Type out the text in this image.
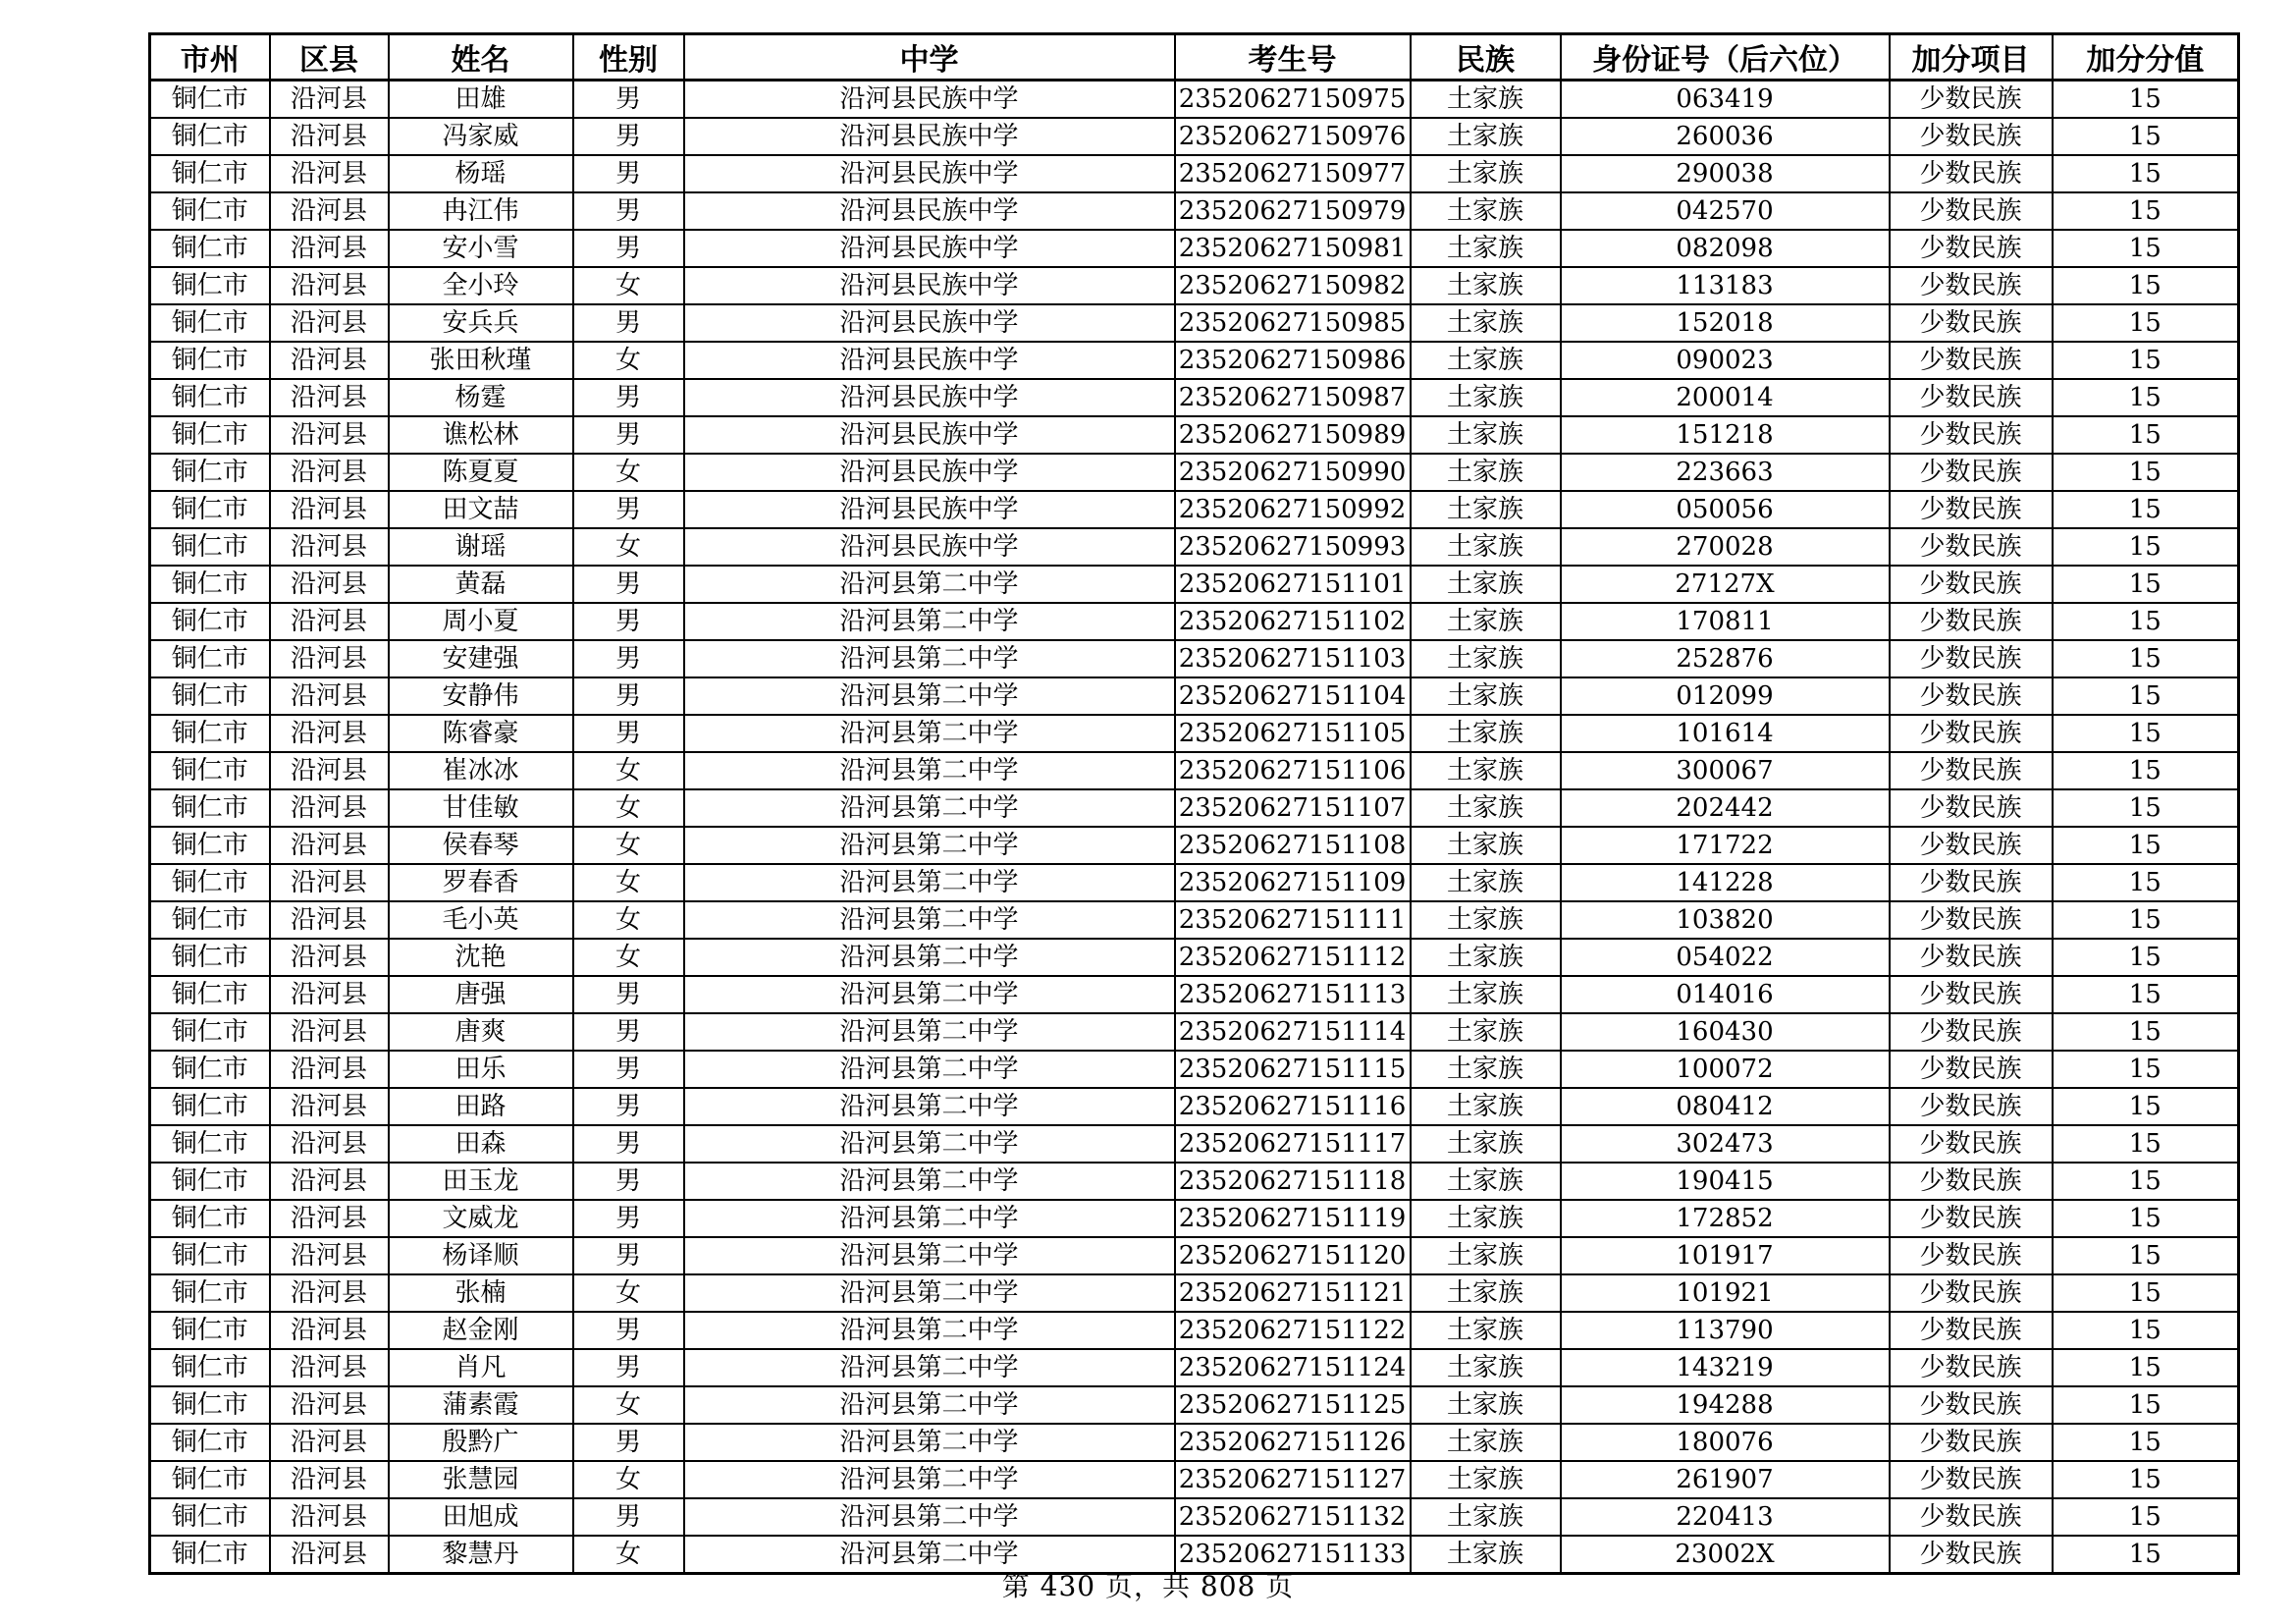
市州	区县	姓名	性别	中学	考生号	民族	身份证号（后六位）	加分项目	加分分值
铜仁市	沿河县	田雄	男	沿河县民族中学	23520627150975	土家族	063419	少数民族	15
铜仁市	沿河县	冯家威	男	沿河县民族中学	23520627150976	土家族	260036	少数民族	15
铜仁市	沿河县	杨瑶	男	沿河县民族中学	23520627150977	土家族	290038	少数民族	15
铜仁市	沿河县	冉江伟	男	沿河县民族中学	23520627150979	土家族	042570	少数民族	15
铜仁市	沿河县	安小雪	男	沿河县民族中学	23520627150981	土家族	082098	少数民族	15
铜仁市	沿河县	全小玲	女	沿河县民族中学	23520627150982	土家族	113183	少数民族	15
铜仁市	沿河县	安兵兵	男	沿河县民族中学	23520627150985	土家族	152018	少数民族	15
铜仁市	沿河县	张田秋瑾	女	沿河县民族中学	23520627150986	土家族	090023	少数民族	15
铜仁市	沿河县	杨霆	男	沿河县民族中学	23520627150987	土家族	200014	少数民族	15
铜仁市	沿河县	谯松林	男	沿河县民族中学	23520627150989	土家族	151218	少数民族	15
铜仁市	沿河县	陈夏夏	女	沿河县民族中学	23520627150990	土家族	223663	少数民族	15
铜仁市	沿河县	田文喆	男	沿河县民族中学	23520627150992	土家族	050056	少数民族	15
铜仁市	沿河县	谢瑶	女	沿河县民族中学	23520627150993	土家族	270028	少数民族	15
铜仁市	沿河县	黄磊	男	沿河县第二中学	23520627151101	土家族	27127X	少数民族	15
铜仁市	沿河县	周小夏	男	沿河县第二中学	23520627151102	土家族	170811	少数民族	15
铜仁市	沿河县	安建强	男	沿河县第二中学	23520627151103	土家族	252876	少数民族	15
铜仁市	沿河县	安静伟	男	沿河县第二中学	23520627151104	土家族	012099	少数民族	15
铜仁市	沿河县	陈睿豪	男	沿河县第二中学	23520627151105	土家族	101614	少数民族	15
铜仁市	沿河县	崔冰冰	女	沿河县第二中学	23520627151106	土家族	300067	少数民族	15
铜仁市	沿河县	甘佳敏	女	沿河县第二中学	23520627151107	土家族	202442	少数民族	15
铜仁市	沿河县	侯春琴	女	沿河县第二中学	23520627151108	土家族	171722	少数民族	15
铜仁市	沿河县	罗春香	女	沿河县第二中学	23520627151109	土家族	141228	少数民族	15
铜仁市	沿河县	毛小英	女	沿河县第二中学	23520627151111	土家族	103820	少数民族	15
铜仁市	沿河县	沈艳	女	沿河县第二中学	23520627151112	土家族	054022	少数民族	15
铜仁市	沿河县	唐强	男	沿河县第二中学	23520627151113	土家族	014016	少数民族	15
铜仁市	沿河县	唐爽	男	沿河县第二中学	23520627151114	土家族	160430	少数民族	15
铜仁市	沿河县	田乐	男	沿河县第二中学	23520627151115	土家族	100072	少数民族	15
铜仁市	沿河县	田路	男	沿河县第二中学	23520627151116	土家族	080412	少数民族	15
铜仁市	沿河县	田森	男	沿河县第二中学	23520627151117	土家族	302473	少数民族	15
铜仁市	沿河县	田玉龙	男	沿河县第二中学	23520627151118	土家族	190415	少数民族	15
铜仁市	沿河县	文威龙	男	沿河县第二中学	23520627151119	土家族	172852	少数民族	15
铜仁市	沿河县	杨译顺	男	沿河县第二中学	23520627151120	土家族	101917	少数民族	15
铜仁市	沿河县	张楠	女	沿河县第二中学	23520627151121	土家族	101921	少数民族	15
铜仁市	沿河县	赵金刚	男	沿河县第二中学	23520627151122	土家族	113790	少数民族	15
铜仁市	沿河县	肖凡	男	沿河县第二中学	23520627151124	土家族	143219	少数民族	15
铜仁市	沿河县	蒲素霞	女	沿河县第二中学	23520627151125	土家族	194288	少数民族	15
铜仁市	沿河县	殷黔广	男	沿河县第二中学	23520627151126	土家族	180076	少数民族	15
铜仁市	沿河县	张慧园	女	沿河县第二中学	23520627151127	土家族	261907	少数民族	15
铜仁市	沿河县	田旭成	男	沿河县第二中学	23520627151132	土家族	220413	少数民族	15
铜仁市	沿河县	黎慧丹	女	沿河县第二中学	23520627151133	土家族	23002X	少数民族	15
第 430 页，共 808 页
